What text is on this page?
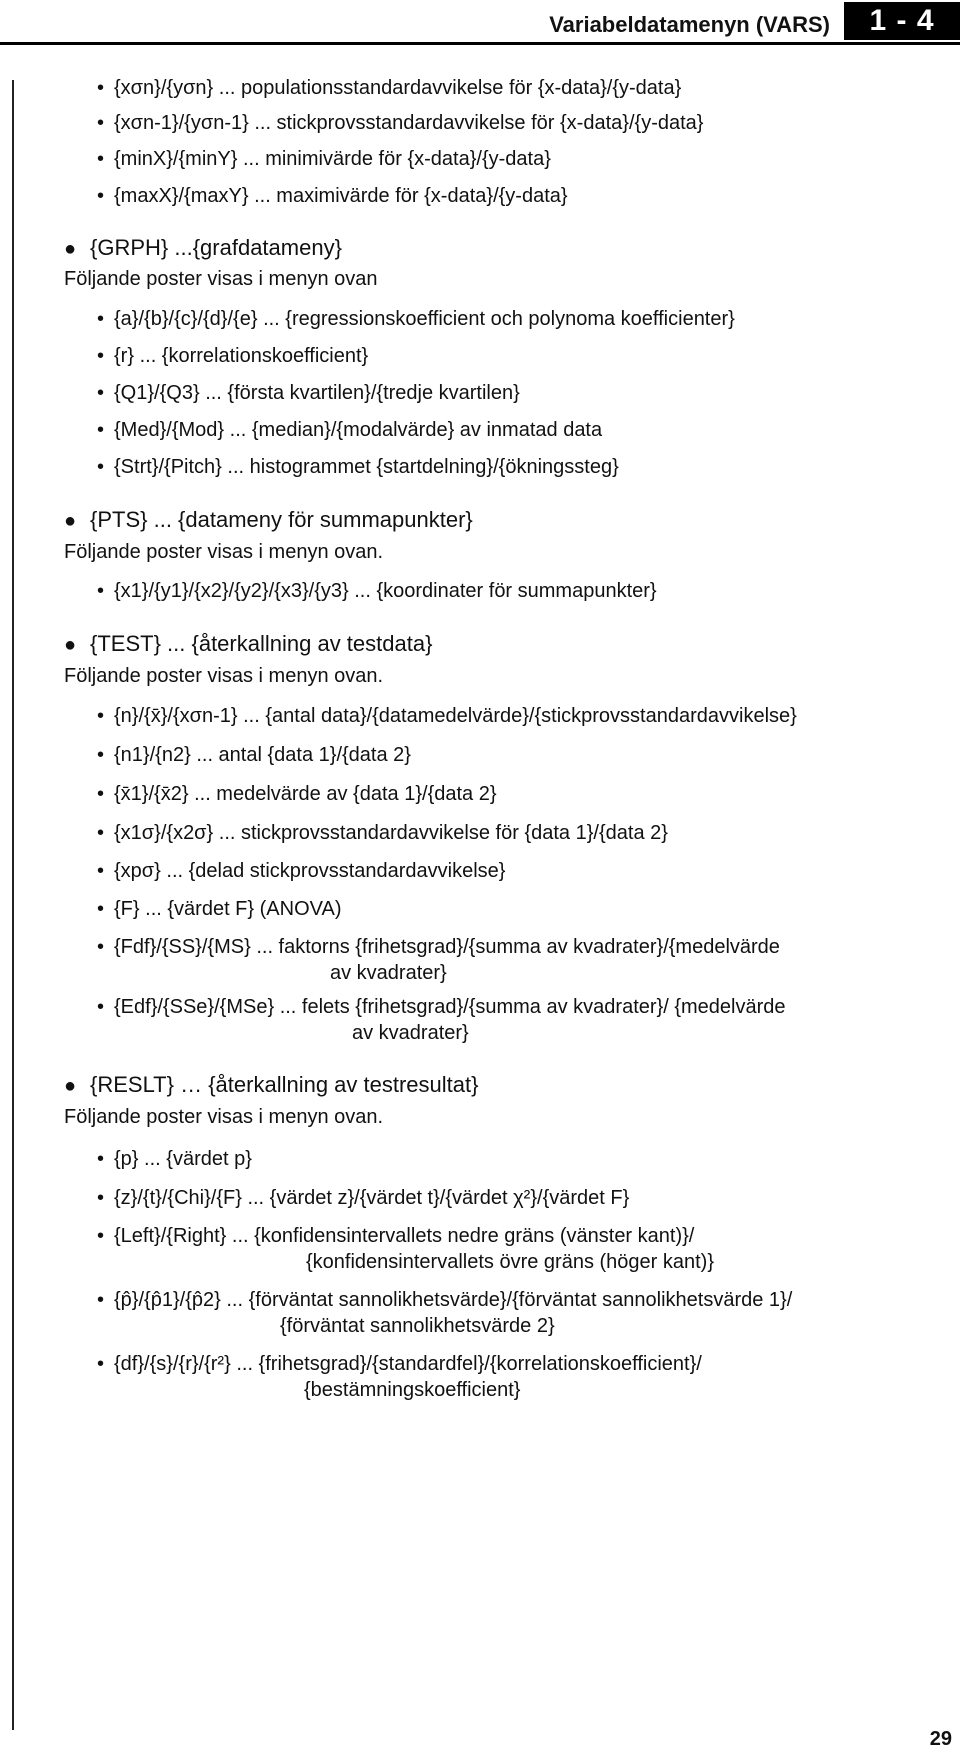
Variabeldatamenyn (VARS)	1 - 4
{xσn}/{yσn} ... populationsstandardavvikelse för {x-data}/{y-data}
•
{xσn-1}/{yσn-1} ... stickprovsstandardavvikelse för {x-data}/{y-data}
•
{minX}/{minY} ... minimivärde för {x-data}/{y-data}
•
{maxX}/{maxY} ... maximivärde för {x-data}/{y-data}
•
{GRPH} ...{grafdatameny}
●
Följande poster visas i menyn ovan
{a}/{b}/{c}/{d}/{e} ... {regressionskoefficient och polynoma koefficienter}
•
{r} ... {korrelationskoefficient}
•
{Q1}/{Q3} ... {första kvartilen}/{tredje kvartilen}
•
{Med}/{Mod} ... {median}/{modalvärde} av inmatad data
•
{Strt}/{Pitch} ... histogrammet {startdelning}/{ökningssteg}
•
{PTS} ... {datameny för summapunkter}
●
Följande poster visas i menyn ovan.
{x1}/{y1}/{x2}/{y2}/{x3}/{y3} ... {koordinater för summapunkter}
•
{TEST} ... {återkallning av testdata}
●
Följande poster visas i menyn ovan.
{n}/{x̄}/{xσn-1} ... {antal data}/{datamedelvärde}/{stickprovsstandardavvikelse}
•
{n1}/{n2} ... antal {data 1}/{data 2}
•
{x̄1}/{x̄2} ... medelvärde av {data 1}/{data 2}
•
{x1σ}/{x2σ} ... stickprovsstandardavvikelse för {data 1}/{data 2}
•
{xpσ} ... {delad stickprovsstandardavvikelse}
•
{F} ... {värdet F} (ANOVA)
•
{Fdf}/{SS}/{MS} ... faktorns {frihetsgrad}/{summa av kvadrater}/{medelvärde
•
av kvadrater}
{Edf}/{SSe}/{MSe} ... felets {frihetsgrad}/{summa av kvadrater}/ {medelvärde
•
av kvadrater}
{RESLT} … {återkallning av testresultat}
●
Följande poster visas i menyn ovan.
{p} ... {värdet p}
•
{z}/{t}/{Chi}/{F} ... {värdet z}/{värdet t}/{värdet χ²}/{värdet F}
•
{Left}/{Right} ... {konfidensintervallets nedre gräns (vänster kant)}/
•
{konfidensintervallets övre gräns (höger kant)}
{p̂}/{p̂1}/{p̂2} ... {förväntat sannolikhetsvärde}/{förväntat sannolikhetsvärde 1}/
•
{förväntat sannolikhetsvärde 2}
{df}/{s}/{r}/{r²} ... {frihetsgrad}/{standardfel}/{korrelationskoefficient}/
•
{bestämningskoefficient}
29
